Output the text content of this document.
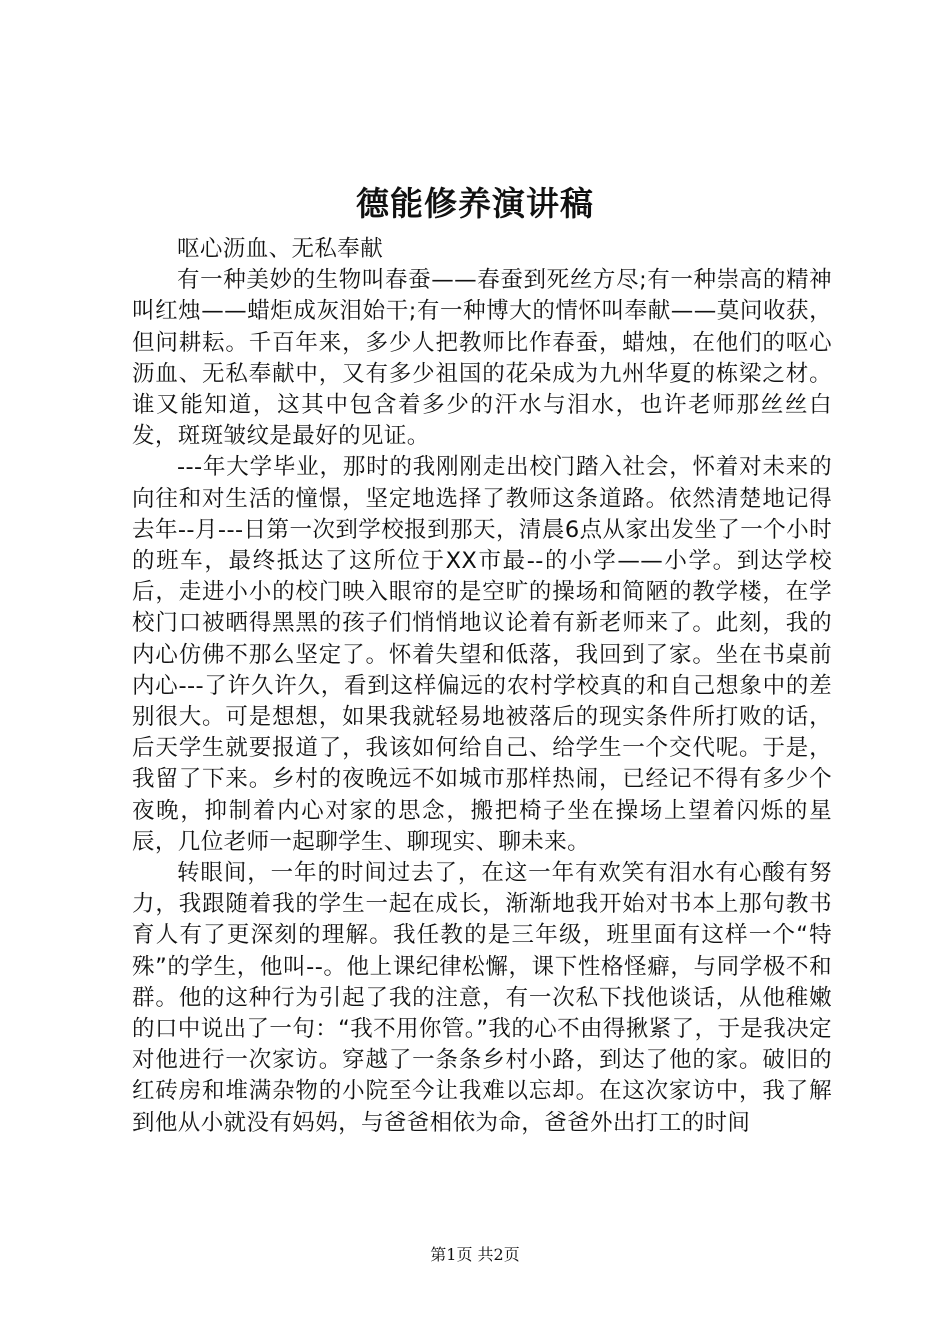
德能修养演讲稿

呕心沥血、无私奉献

有一种美妙的生物叫春蚕——春蚕到死丝方尽;有一种崇高的精神叫红烛——蜡炬成灰泪始干;有一种博大的情怀叫奉献——莫问收获，但问耕耘。千百年来，多少人把教师比作春蚕，蜡烛，在他们的呕心沥血、无私奉献中，又有多少祖国的花朵成为九州华夏的栋梁之材。谁又能知道，这其中包含着多少的汗水与泪水，也许老师那丝丝白发，斑斑皱纹是最好的见证。

---年大学毕业，那时的我刚刚走出校门踏入社会，怀着对未来的向往和对生活的憧憬，坚定地选择了教师这条道路。依然清楚地记得去年--月---日第一次到学校报到那天，清晨6点从家出发坐了一个小时的班车，最终抵达了这所位于XX市最--的小学——小学。到达学校后，走进小小的校门映入眼帘的是空旷的操场和简陋的教学楼，在学校门口被晒得黑黑的孩子们悄悄地议论着有新老师来了。此刻，我的内心仿佛不那么坚定了。怀着失望和低落，我回到了家。坐在书桌前内心---了许久许久，看到这样偏远的农村学校真的和自己想象中的差别很大。可是想想，如果我就轻易地被落后的现实条件所打败的话，后天学生就要报道了，我该如何给自己、给学生一个交代呢。于是，我留了下来。乡村的夜晚远不如城市那样热闹，已经记不得有多少个夜晚，抑制着内心对家的思念，搬把椅子坐在操场上望着闪烁的星辰，几位老师一起聊学生、聊现实、聊未来。

转眼间，一年的时间过去了，在这一年有欢笑有泪水有心酸有努力，我跟随着我的学生一起在成长，渐渐地我开始对书本上那句教书育人有了更深刻的理解。我任教的是三年级，班里面有这样一个“特殊”的学生，他叫--。他上课纪律松懈，课下性格怪癖，与同学极不和群。他的这种行为引起了我的注意，有一次私下找他谈话，从他稚嫩的口中说出了一句：“我不用你管。”我的心不由得揪紧了，于是我决定对他进行一次家访。穿越了一条条乡村小路，到达了他的家。破旧的红砖房和堆满杂物的小院至今让我难以忘却。在这次家访中，我了解到他从小就没有妈妈，与爸爸相依为命，爸爸外出打工的时间

第1页 共2页
